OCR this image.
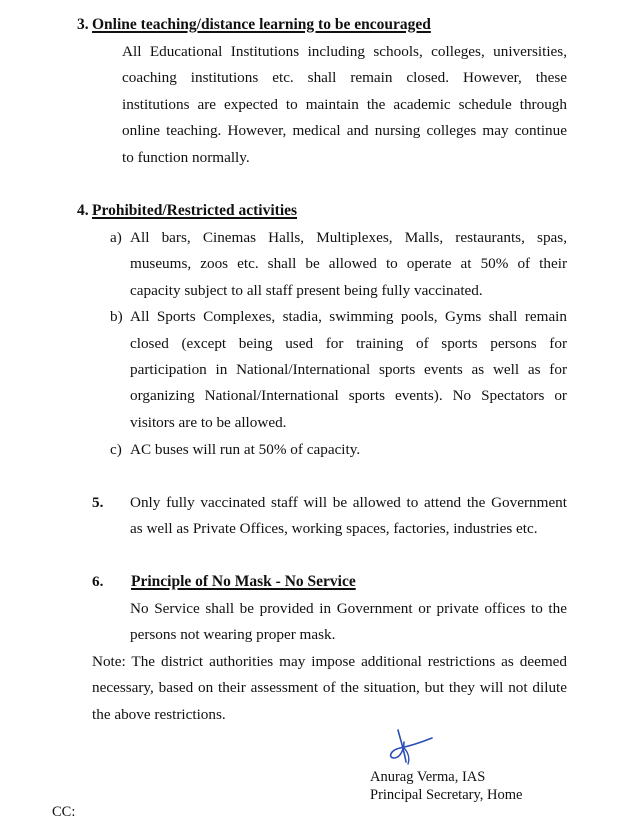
3. Online teaching/distance learning to be encouraged
All Educational Institutions including schools, colleges, universities,
coaching institutions etc. shall remain closed. However, these
institutions are expected to maintain the academic schedule through
online teaching. However, medical and nursing colleges may continue
to function normally.
4. Prohibited/Restricted activities
a) All bars, Cinemas Halls, Multiplexes, Malls, restaurants, spas,
museums, zoos etc. shall be allowed to operate at 50% of their
capacity subject to all staff present being fully vaccinated.
b) All Sports Complexes, stadia, swimming pools, Gyms shall remain
closed (except being used for training of sports persons for
participation in National/International sports events as well as for
organizing National/International sports events). No Spectators or
visitors are to be allowed.
c) AC buses will run at 50% of capacity.
5. Only fully vaccinated staff will be allowed to attend the Government
as well as Private Offices, working spaces, factories, industries etc.
6. Principle of No Mask - No Service
No Service shall be provided in Government or private offices to the
persons not wearing proper mask.
Note: The district authorities may impose additional restrictions as deemed
necessary, based on their assessment of the situation, but they will not dilute
the above restrictions.
Anurag Verma, IAS
Principal Secretary, Home
CC:
